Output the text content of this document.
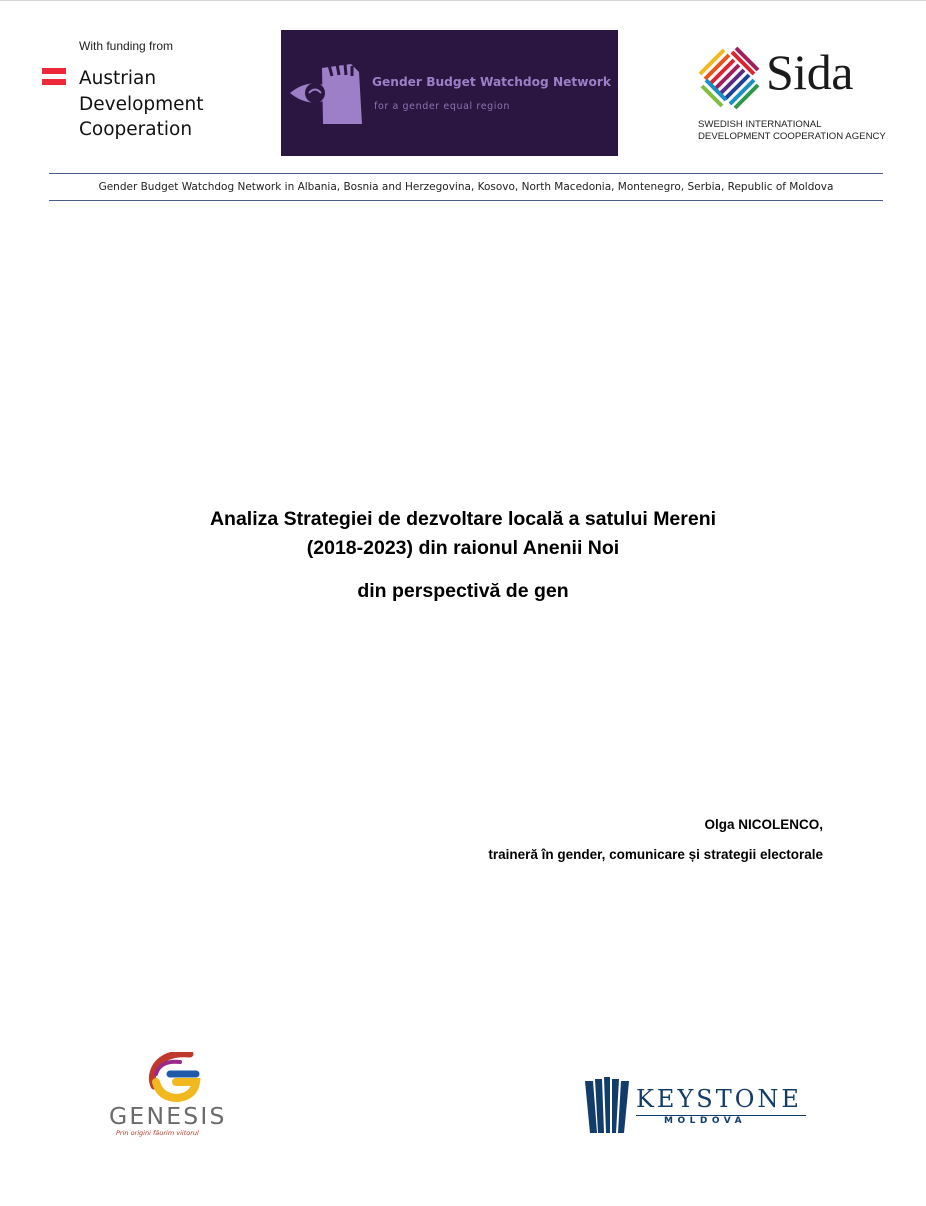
With funding from
Austrian
Development
Cooperation
Gender Budget Watchdog Network
for a gender equal region
Sida
SWEDISH INTERNATIONAL
DEVELOPMENT COOPERATION AGENCY
Gender Budget Watchdog Network in Albania, Bosnia and Herzegovina, Kosovo, North Macedonia, Montenegro, Serbia, Republic of Moldova
Analiza Strategiei de dezvoltare locală a satului Mereni
(2018-2023) din raionul Anenii Noi
din perspectivă de gen
Olga NICOLENCO,
traineră în gender, comunicare și strategii electorale
GENESIS
Prin origini făurim viitorul
KEYSTONE
MOLDOVA
